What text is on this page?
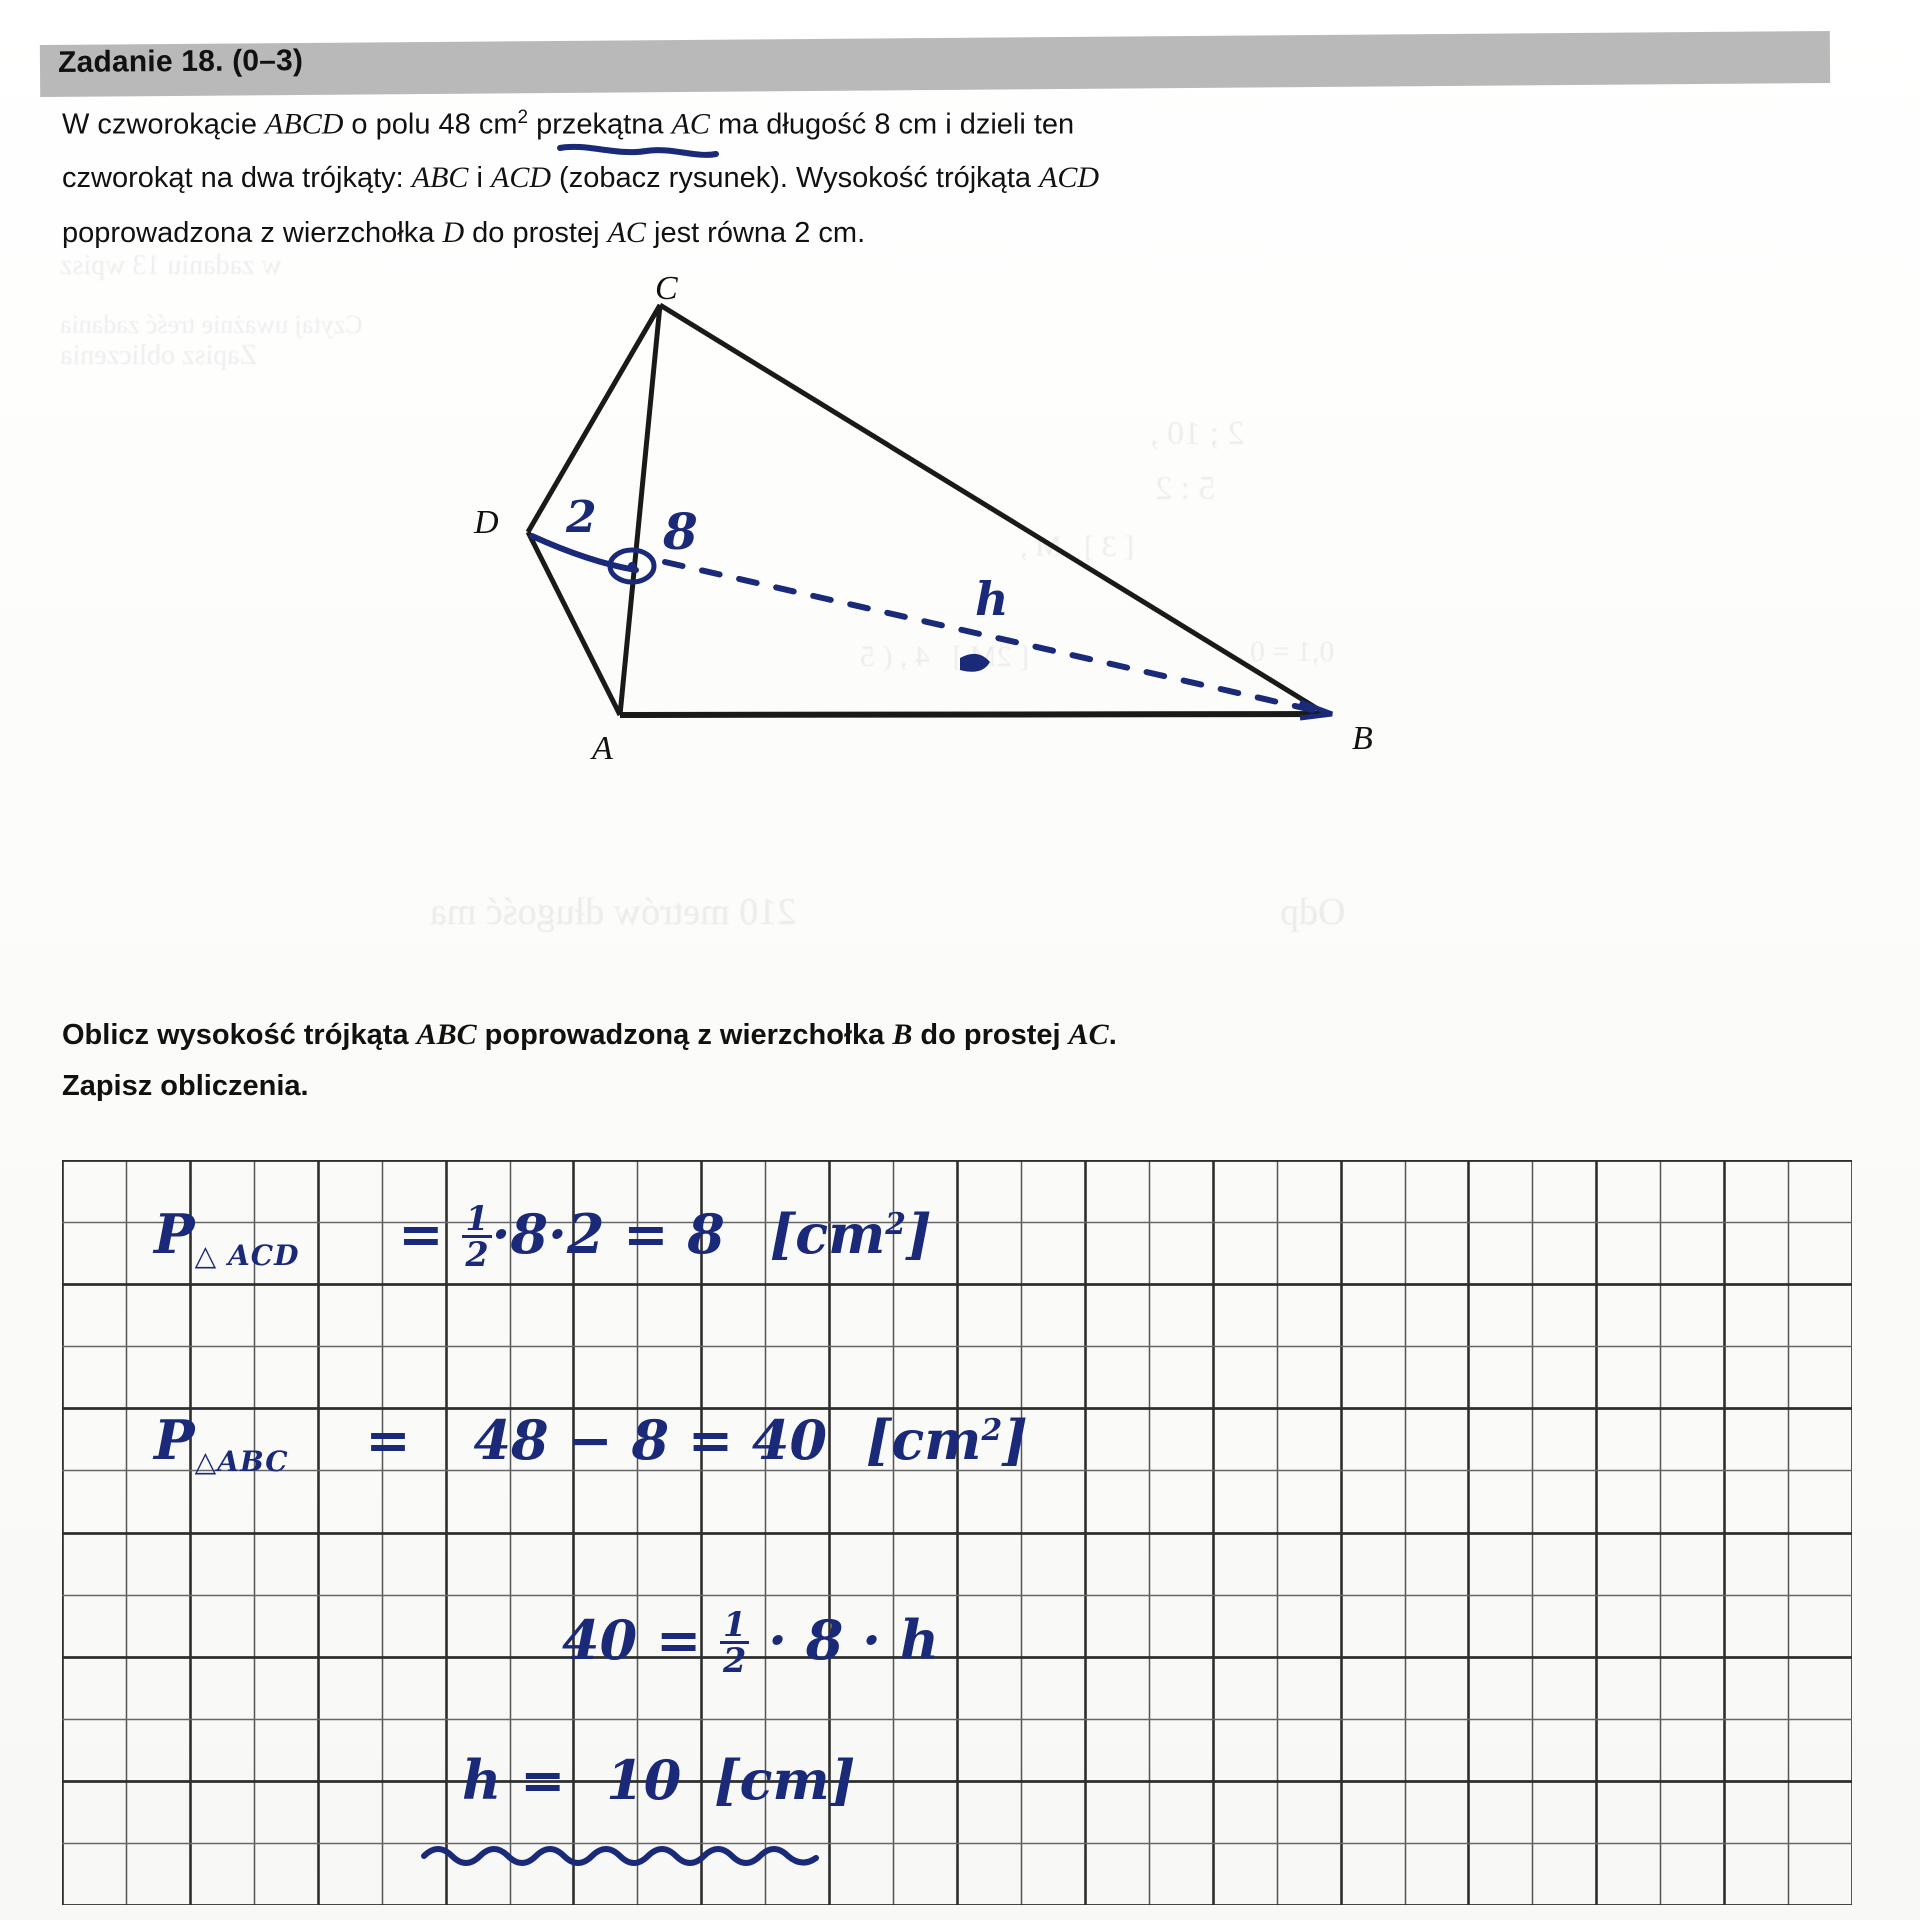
2 ; 10 ,
5 : 2
[ 3 ]   M ,
[ 2M ]   4 , ( 5	0,1 = 0
w zadaniu 13 wpisz
Czytaj uważnie treść zadania
Zapisz obliczenia
210 metrów długość ma	Odp
Zadanie 18. (0–3)
W czworokącie ABCD o polu 48 $cm^2$ przekątna AC ma długość 8 cm i dzieli ten
czworokąt na dwa trójkąty: ABC i ACD (zobacz rysunek). Wysokość trójkąta ACD
poprowadzona z wierzchołka D do prostej AC jest równa 2 cm.
C
D
A	B
2 8
h
Oblicz wysokość trójkąta ABC poprowadzoną z wierzchołka B do prostej AC.
Zapisz obliczenia.
$P_{\triangle ACD} = \frac{1}{2} \cdot 8\cdot 2 = 8$ $[cm^2]$
$P_{\triangle ABC} = 48 - 8 = 40$ $[cm^2]$
$40 = \frac{1}{2} \cdot 8 \cdot h$
h = 10 [cm]
